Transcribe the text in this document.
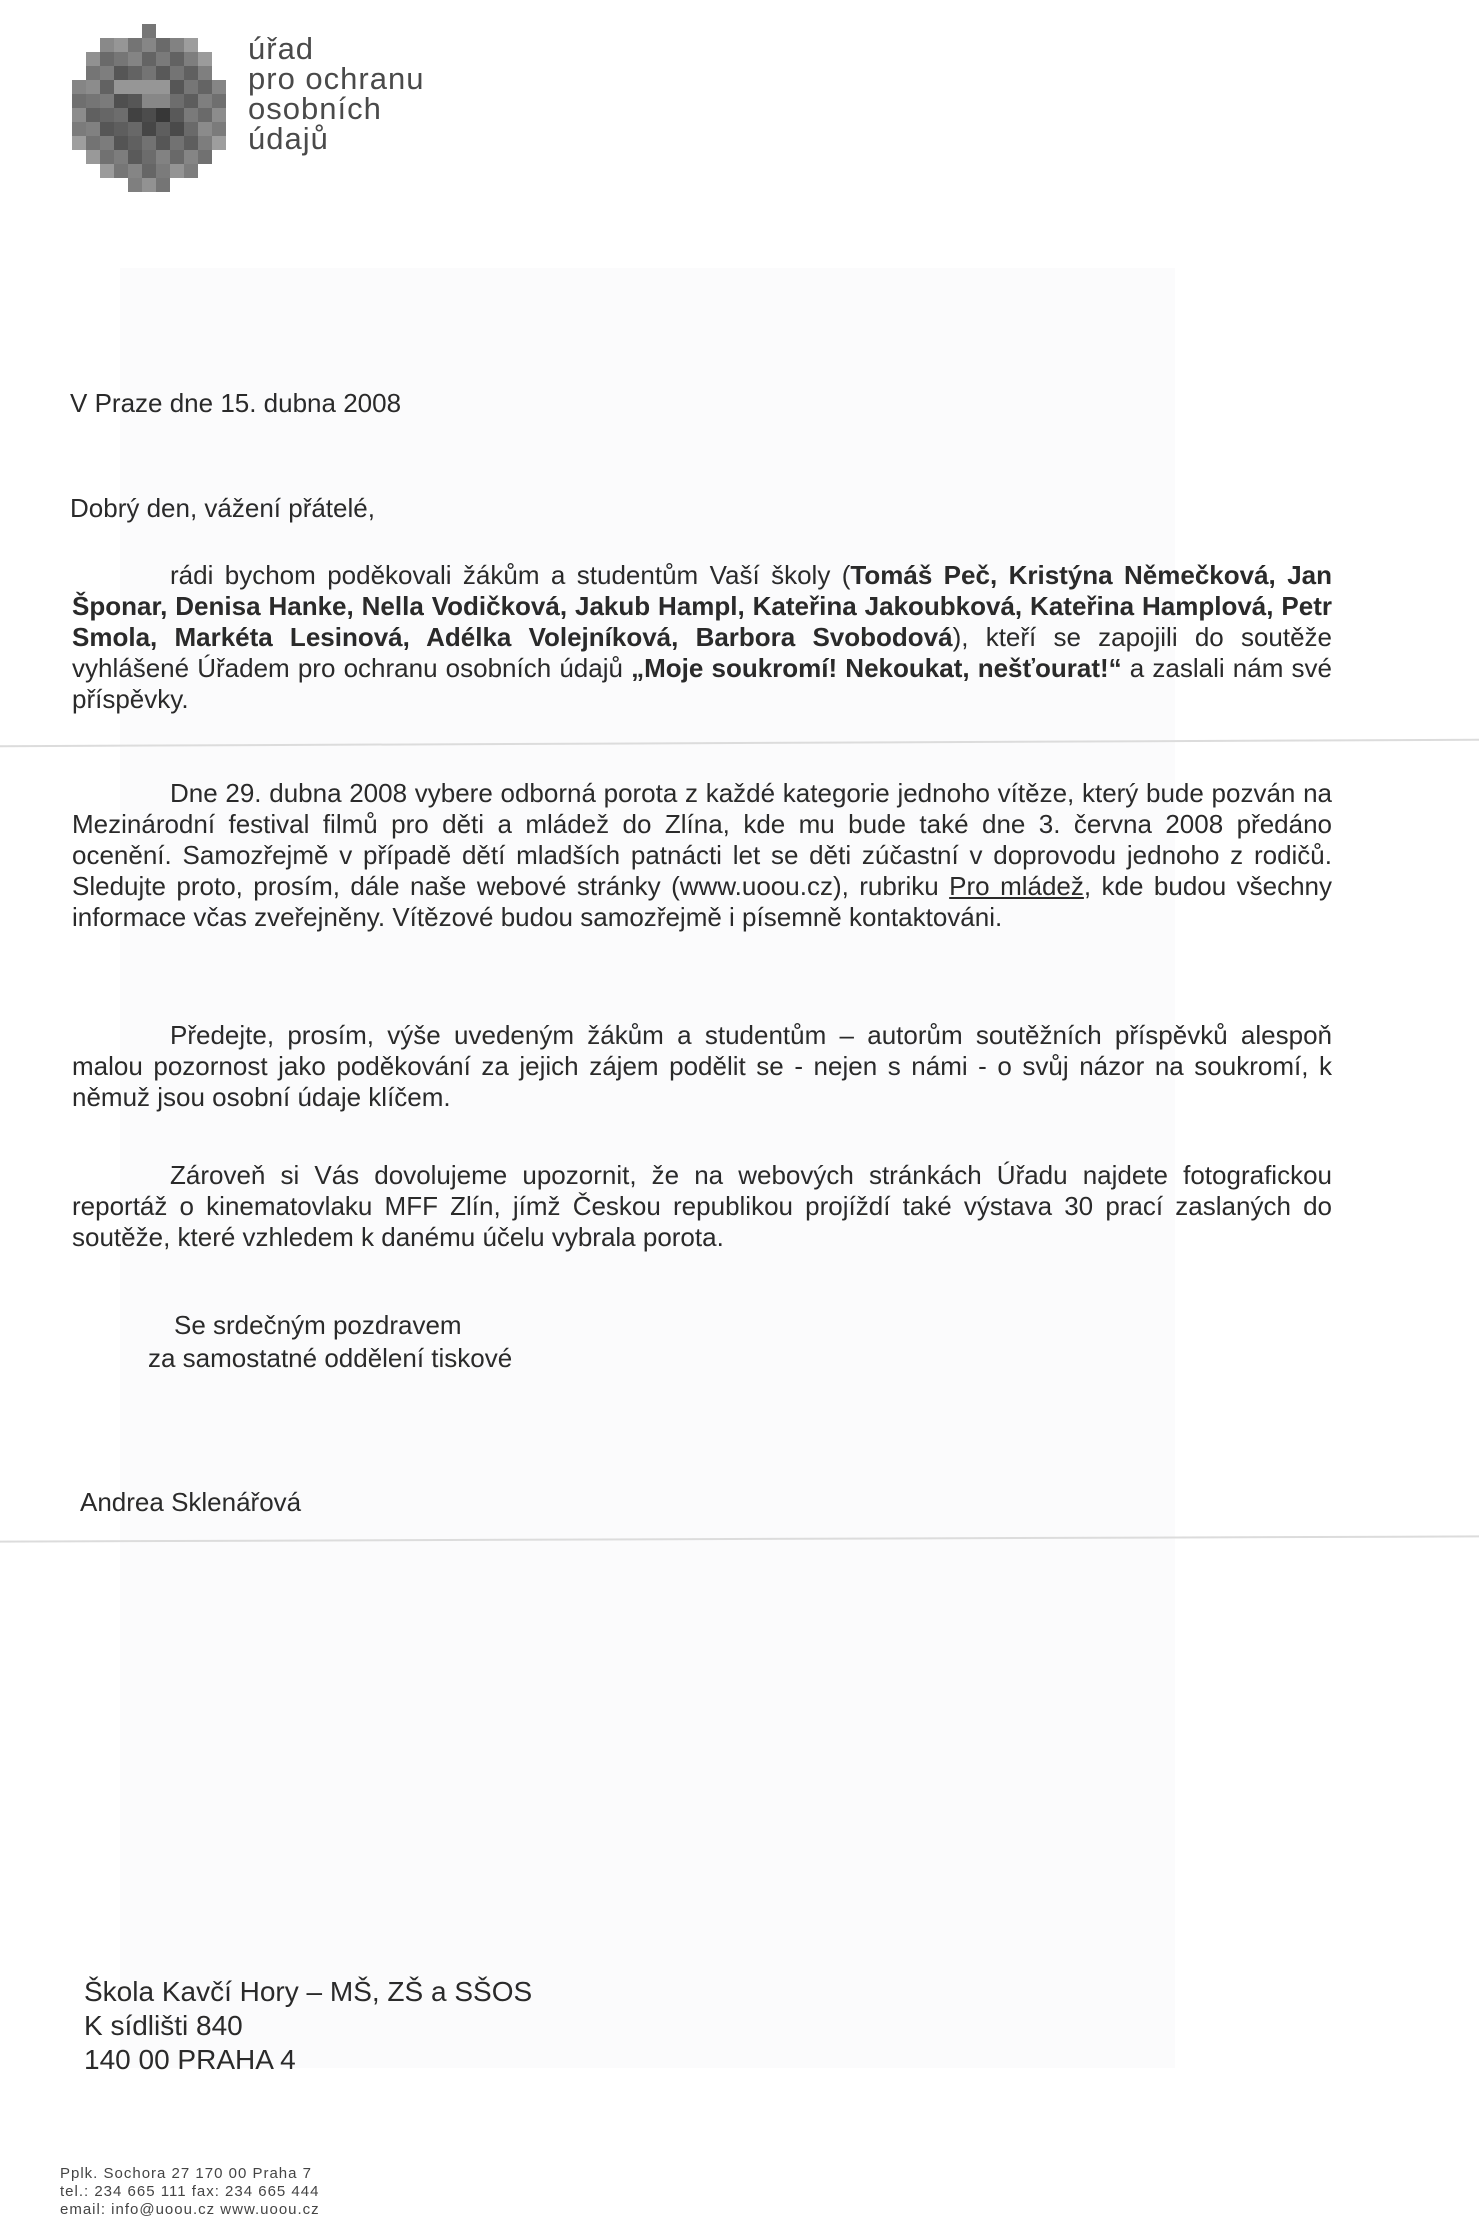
úřad
pro ochranu
osobních
údajů
V Praze dne 15. dubna 2008
Dobrý den, vážení přátelé,
rádi bychom poděkovali žákům a studentům Vaší školy (Tomáš Peč, Kristýna Němečková, Jan Šponar, Denisa Hanke, Nella Vodičková, Jakub Hampl, Kateřina Jakoubková, Kateřina Hamplová, Petr Smola, Markéta Lesinová, Adélka Volejníková, Barbora Svobodová), kteří se zapojili do soutěže vyhlášené Úřadem pro ochranu osobních údajů „Moje soukromí! Nekoukat, nešťourat!“ a zaslali nám své příspěvky.
Dne 29. dubna 2008 vybere odborná porota z každé kategorie jednoho vítěze, který bude pozván na Mezinárodní festival filmů pro děti a mládež do Zlína, kde mu bude také dne 3. června 2008 předáno ocenění. Samozřejmě v případě dětí mladších patnácti let se děti zúčastní v doprovodu jednoho z rodičů. Sledujte proto, prosím, dále naše webové stránky (www.uoou.cz), rubriku Pro mládež, kde budou všechny informace včas zveřejněny. Vítězové budou samozřejmě i písemně kontaktováni.
Předejte, prosím, výše uvedeným žákům a studentům – autorům soutěžních příspěvků alespoň malou pozornost jako poděkování za jejich zájem podělit se - nejen s námi - o svůj názor na soukromí, k němuž jsou osobní údaje klíčem.
Zároveň si Vás dovolujeme upozornit, že na webových stránkách Úřadu najdete fotografickou reportáž o kinematovlaku MFF Zlín, jímž Českou republikou projíždí také výstava 30 prací zaslaných do soutěže, které vzhledem k danému účelu vybrala porota.
Se srdečným pozdravem
za samostatné oddělení tiskové
Andrea Sklenářová
Škola Kavčí Hory – MŠ, ZŠ a SŠOS
K sídlišti 840
140 00 PRAHA 4
Pplk. Sochora 27 170 00 Praha 7
tel.: 234 665 111 fax: 234 665 444
email: info@uoou.cz www.uoou.cz
